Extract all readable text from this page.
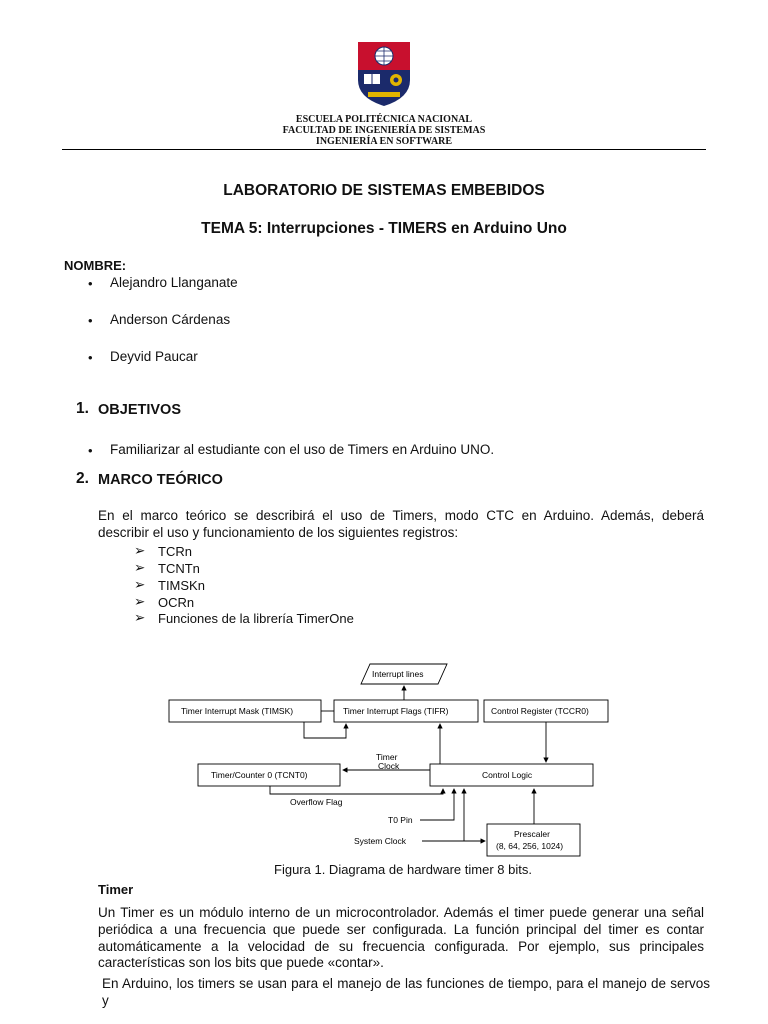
ESCUELA POLITÉCNICA NACIONAL
FACULTAD DE INGENIERÍA DE SISTEMAS
INGENIERÍA EN SOFTWARE
LABORATORIO DE SISTEMAS EMBEBIDOS
TEMA 5: Interrupciones - TIMERS en Arduino Uno
NOMBRE:
• Alejandro Llanganate
• Anderson Cárdenas
• Deyvid Paucar
1. OBJETIVOS
• Familiarizar al estudiante con el uso de Timers en Arduino UNO.
2. MARCO TEÓRICO
En el marco teórico se describirá el uso de Timers, modo CTC en Arduino. Además, deberá
describir el uso y funcionamiento de los siguientes registros:
➢ TCRn
➢ TCNTn
➢ TIMSKn
➢ OCRn
➢ Funciones de la librería TimerOne
Interrupt lines
Timer Interrupt Mask (TIMSK)	Timer Interrupt Flags (TIFR)	Control Register (TCCR0)
Timer/Counter 0 (TCNT0)	Control Logic
Timer
Clock
Overflow Flag
T0 Pin
System Clock
Prescaler
(8, 64, 256, 1024)
Figura 1. Diagrama de hardware timer 8 bits.
Timer
Un Timer es un módulo interno de un microcontrolador. Además el timer puede generar una señal
periódica a una frecuencia que puede ser configurada. La función principal del timer es contar
automáticamente a la velocidad de su frecuencia configurada. Por ejemplo, sus principales
características son los bits que puede «contar».
En Arduino, los timers se usan para el manejo de las funciones de tiempo, para el manejo de servos y
